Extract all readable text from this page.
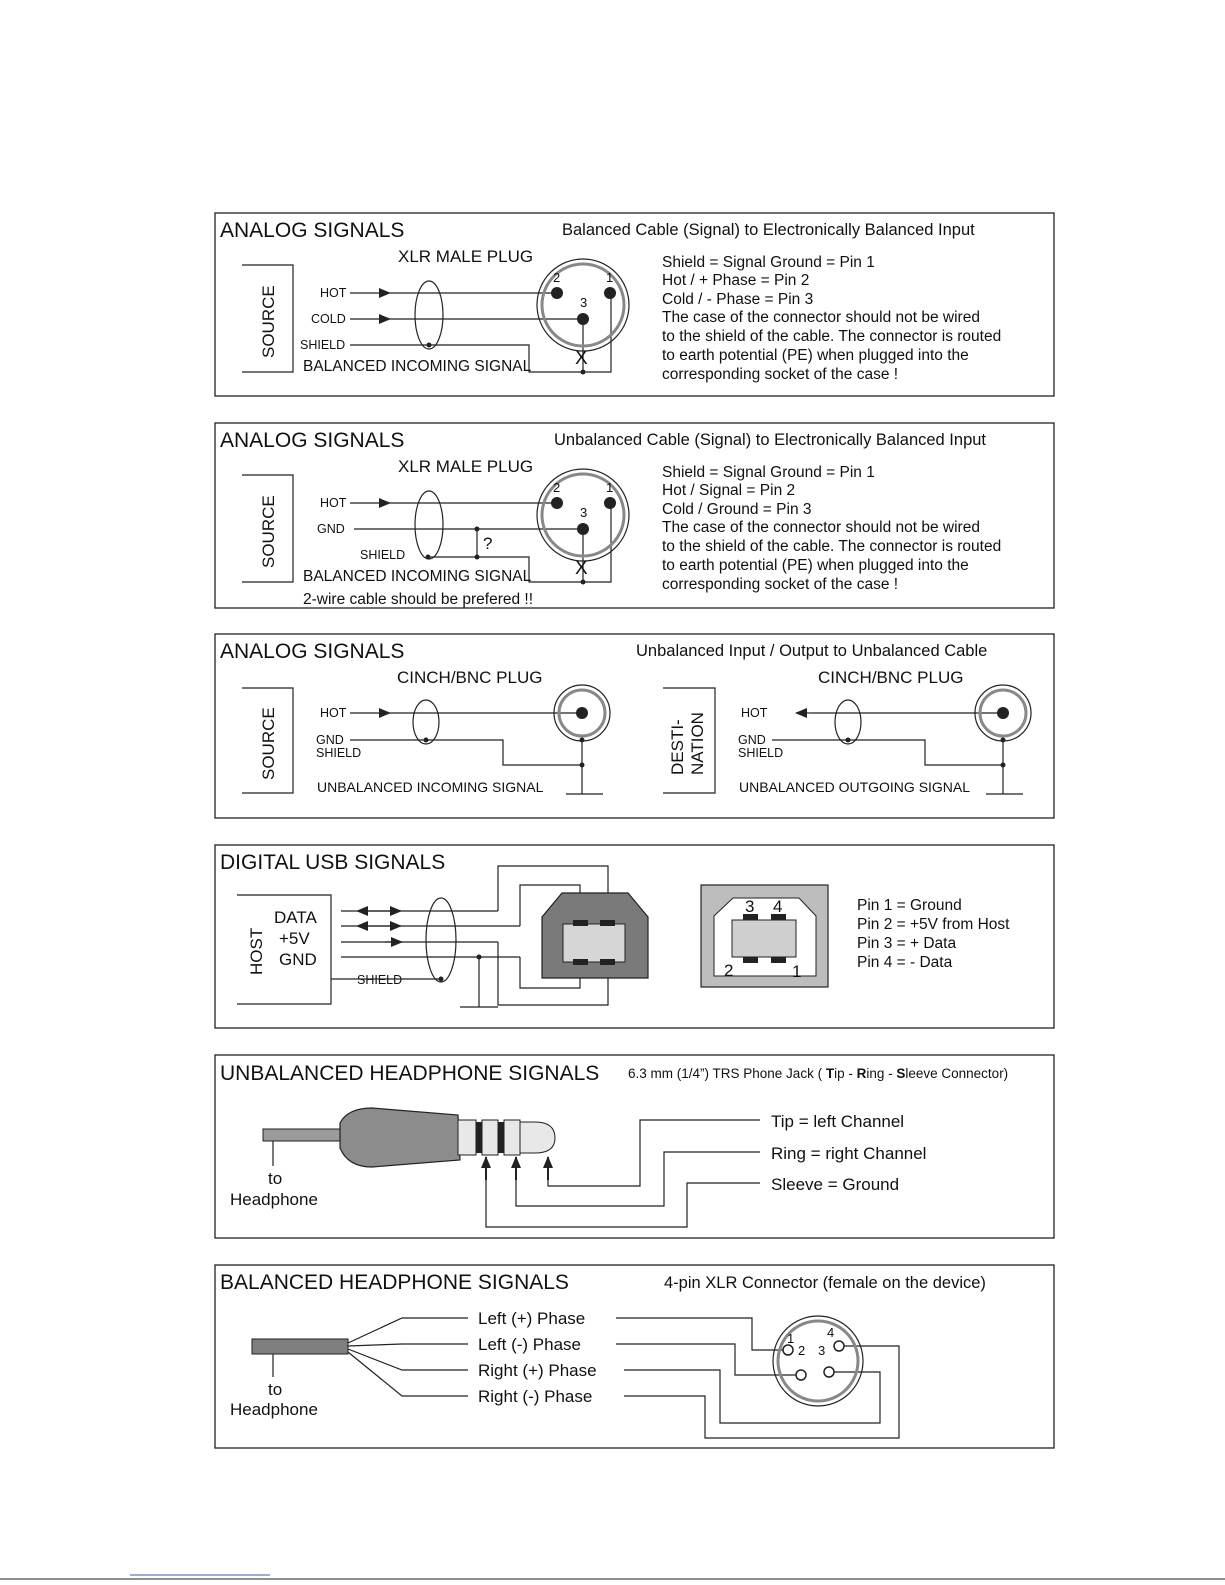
ANALOG SIGNALS	Balanced Cable (Signal) to Electronically Balanced Input
SOURCE	HOT
COLD
SHIELD
BALANCED INCOMING SIGNAL
XLR MALE PLUG
2	1
3
X
Shield = Signal Ground = Pin 1
Hot / + Phase = Pin 2
Cold / - Phase = Pin 3
The case of the connector should not be wired
to the shield of the cable. The connector is routed
to earth potential (PE) when plugged into the
corresponding socket of the case !
ANALOG SIGNALS	Unbalanced Cable (Signal) to Electronically Balanced Input
SOURCE	HOT
GND
SHIELD
BALANCED INCOMING SIGNAL
2-wire cable should be prefered !!
XLR MALE PLUG
?
2	1
3
X
Shield = Signal Ground = Pin 1
Hot / Signal = Pin 2
Cold / Ground = Pin 3
The case of the connector should not be wired
to the shield of the cable. The connector is routed
to earth potential (PE) when plugged into the
corresponding socket of the case !
ANALOG SIGNALS	Unbalanced Input / Output to Unbalanced Cable
SOURCE
CINCH/BNC PLUG
HOT
GND
SHIELD
UNBALANCED INCOMING SIGNAL
DESTI- NATION
CINCH/BNC PLUG
HOT
GND
SHIELD
UNBALANCED OUTGOING SIGNAL
DIGITAL USB SIGNALS
HOST
DATA
+5V
GND
SHIELD
3 4
2	1
Pin 1 = Ground
Pin 2 = +5V from Host
Pin 3 = + Data
Pin 4 = - Data
UNBALANCED HEADPHONE SIGNALS 6.3 mm (1/4”) TRS Phone Jack ( Tip - Ring - Sleeve Connector)
to
Headphone
Tip = left Channel
Ring = right Channel
Sleeve = Ground
BALANCED HEADPHONE SIGNALS	4-pin XLR Connector (female on the device)
to
Headphone
Left (+) Phase
Left (-) Phase
Right (+) Phase
Right (-) Phase
1
2 3
4
